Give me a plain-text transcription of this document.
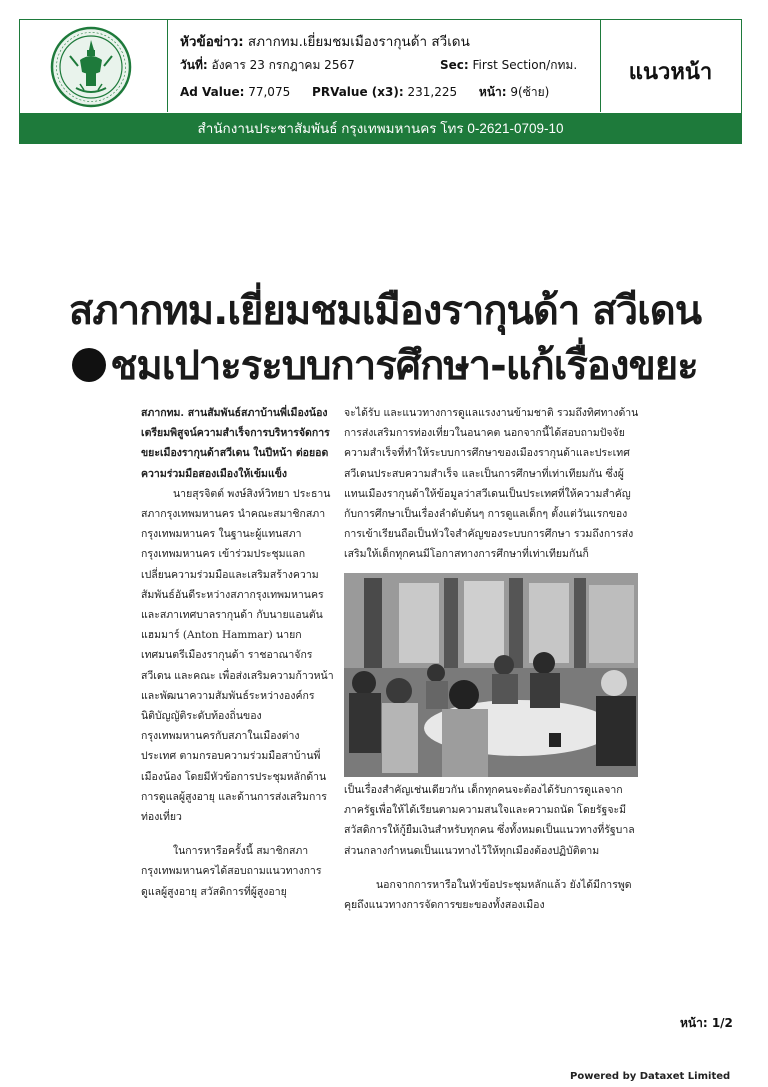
หัวข้อข่าว: สภากทม.เยี่ยมชมเมืองรากุนด้า สวีเดน
วันที่: อังคาร 23 กรกฎาคม 2567	Sec: First Section/กทม.
Ad Value: 77,075 PRValue (x3): 231,225 หน้า: 9(ซ้าย)
แนวหน้า
สำนักงานประชาสัมพันธ์ กรุงเทพมหานคร โทร 0-2621-0709-10
สภากทม.เยี่ยมชมเมืองรากุนด้า สวีเดน
ชมเปาะระบบการศึกษา-แก้เรื่องขยะ

สภากทม. สานสัมพันธ์สภาบ้านพี่เมืองน้อง เตรียมพิสูจน์ความสำเร็จการบริหารจัดการขยะเมืองรากุนด้าสวีเดน ในปีหน้า ต่อยอดความร่วมมือสองเมืองให้เข้มแข็ง

นายสุรจิตต์ พงษ์สิงห์วิทยา ประธานสภากรุงเทพมหานคร นำคณะสมาชิกสภากรุงเทพมหานคร ในฐานะผู้แทนสภากรุงเทพมหานคร เข้าร่วมประชุมแลกเปลี่ยนความร่วมมือและเสริมสร้างความสัมพันธ์อันดีระหว่างสภากรุงเทพมหานครและสภาเทศบาลรากุนด้า กับนายแอนตันแฮมมาร์ (Anton Hammar) นายกเทศมนตรีเมืองรากุนด้า ราชอาณาจักรสวีเดน และคณะ เพื่อส่งเสริมความก้าวหน้าและพัฒนาความสัมพันธ์ระหว่างองค์กรนิติบัญญัติระดับท้องถิ่นของกรุงเทพมหานครกับสภาในเมืองต่างประเทศ ตามกรอบความร่วมมือสาบ้านพี่เมืองน้อง โดยมีหัวข้อการประชุมหลักด้านการดูแลผู้สูงอายุ และด้านการส่งเสริมการท่องเที่ยว

ในการหารือครั้งนี้ สมาชิกสภากรุงเทพมหานครได้สอบถามแนวทางการดูแลผู้สูงอายุ สวัสดิการที่ผู้สูงอายุ

จะได้รับ และแนวทางการดูแลแรงงานข้ามชาติ รวมถึงทิศทางด้านการส่งเสริมการท่องเที่ยวในอนาคต นอกจากนี้ได้สอบถามปัจจัยความสำเร็จที่ทำให้ระบบการศึกษาของเมืองรากุนด้าและประเทศสวีเดนประสบความสำเร็จ และเป็นการศึกษาที่เท่าเทียมกัน ซึ่งผู้แทนเมืองรากุนด้าให้ข้อมูลว่าสวีเดนเป็นประเทศที่ให้ความสำคัญกับการศึกษาเป็นเรื่องลำดับต้นๆ การดูแลเด็กๆ ตั้งแต่วันแรกของการเข้าเรียนถือเป็นหัวใจสำคัญของระบบการศึกษา รวมถึงการส่งเสริมให้เด็กทุกคนมีโอกาสทางการศึกษาที่เท่าเทียมกันก็

เป็นเรื่องสำคัญเช่นเดียวกัน เด็กทุกคนจะต้องได้รับการดูแลจากภาครัฐเพื่อให้ได้เรียนตามความสนใจและความถนัด โดยรัฐจะมีสวัสดิการให้กู้ยืมเงินสำหรับทุกคน ซึ่งทั้งหมดเป็นแนวทางที่รัฐบาลส่วนกลางกำหนดเป็นแนวทางไว้ให้ทุกเมืองต้องปฏิบัติตาม

นอกจากการหารือในหัวข้อประชุมหลักแล้ว ยังได้มีการพูดคุยถึงแนวทางการจัดการขยะของทั้งสองเมือง

หน้า: 1/2
Powered by Dataxet Limited
